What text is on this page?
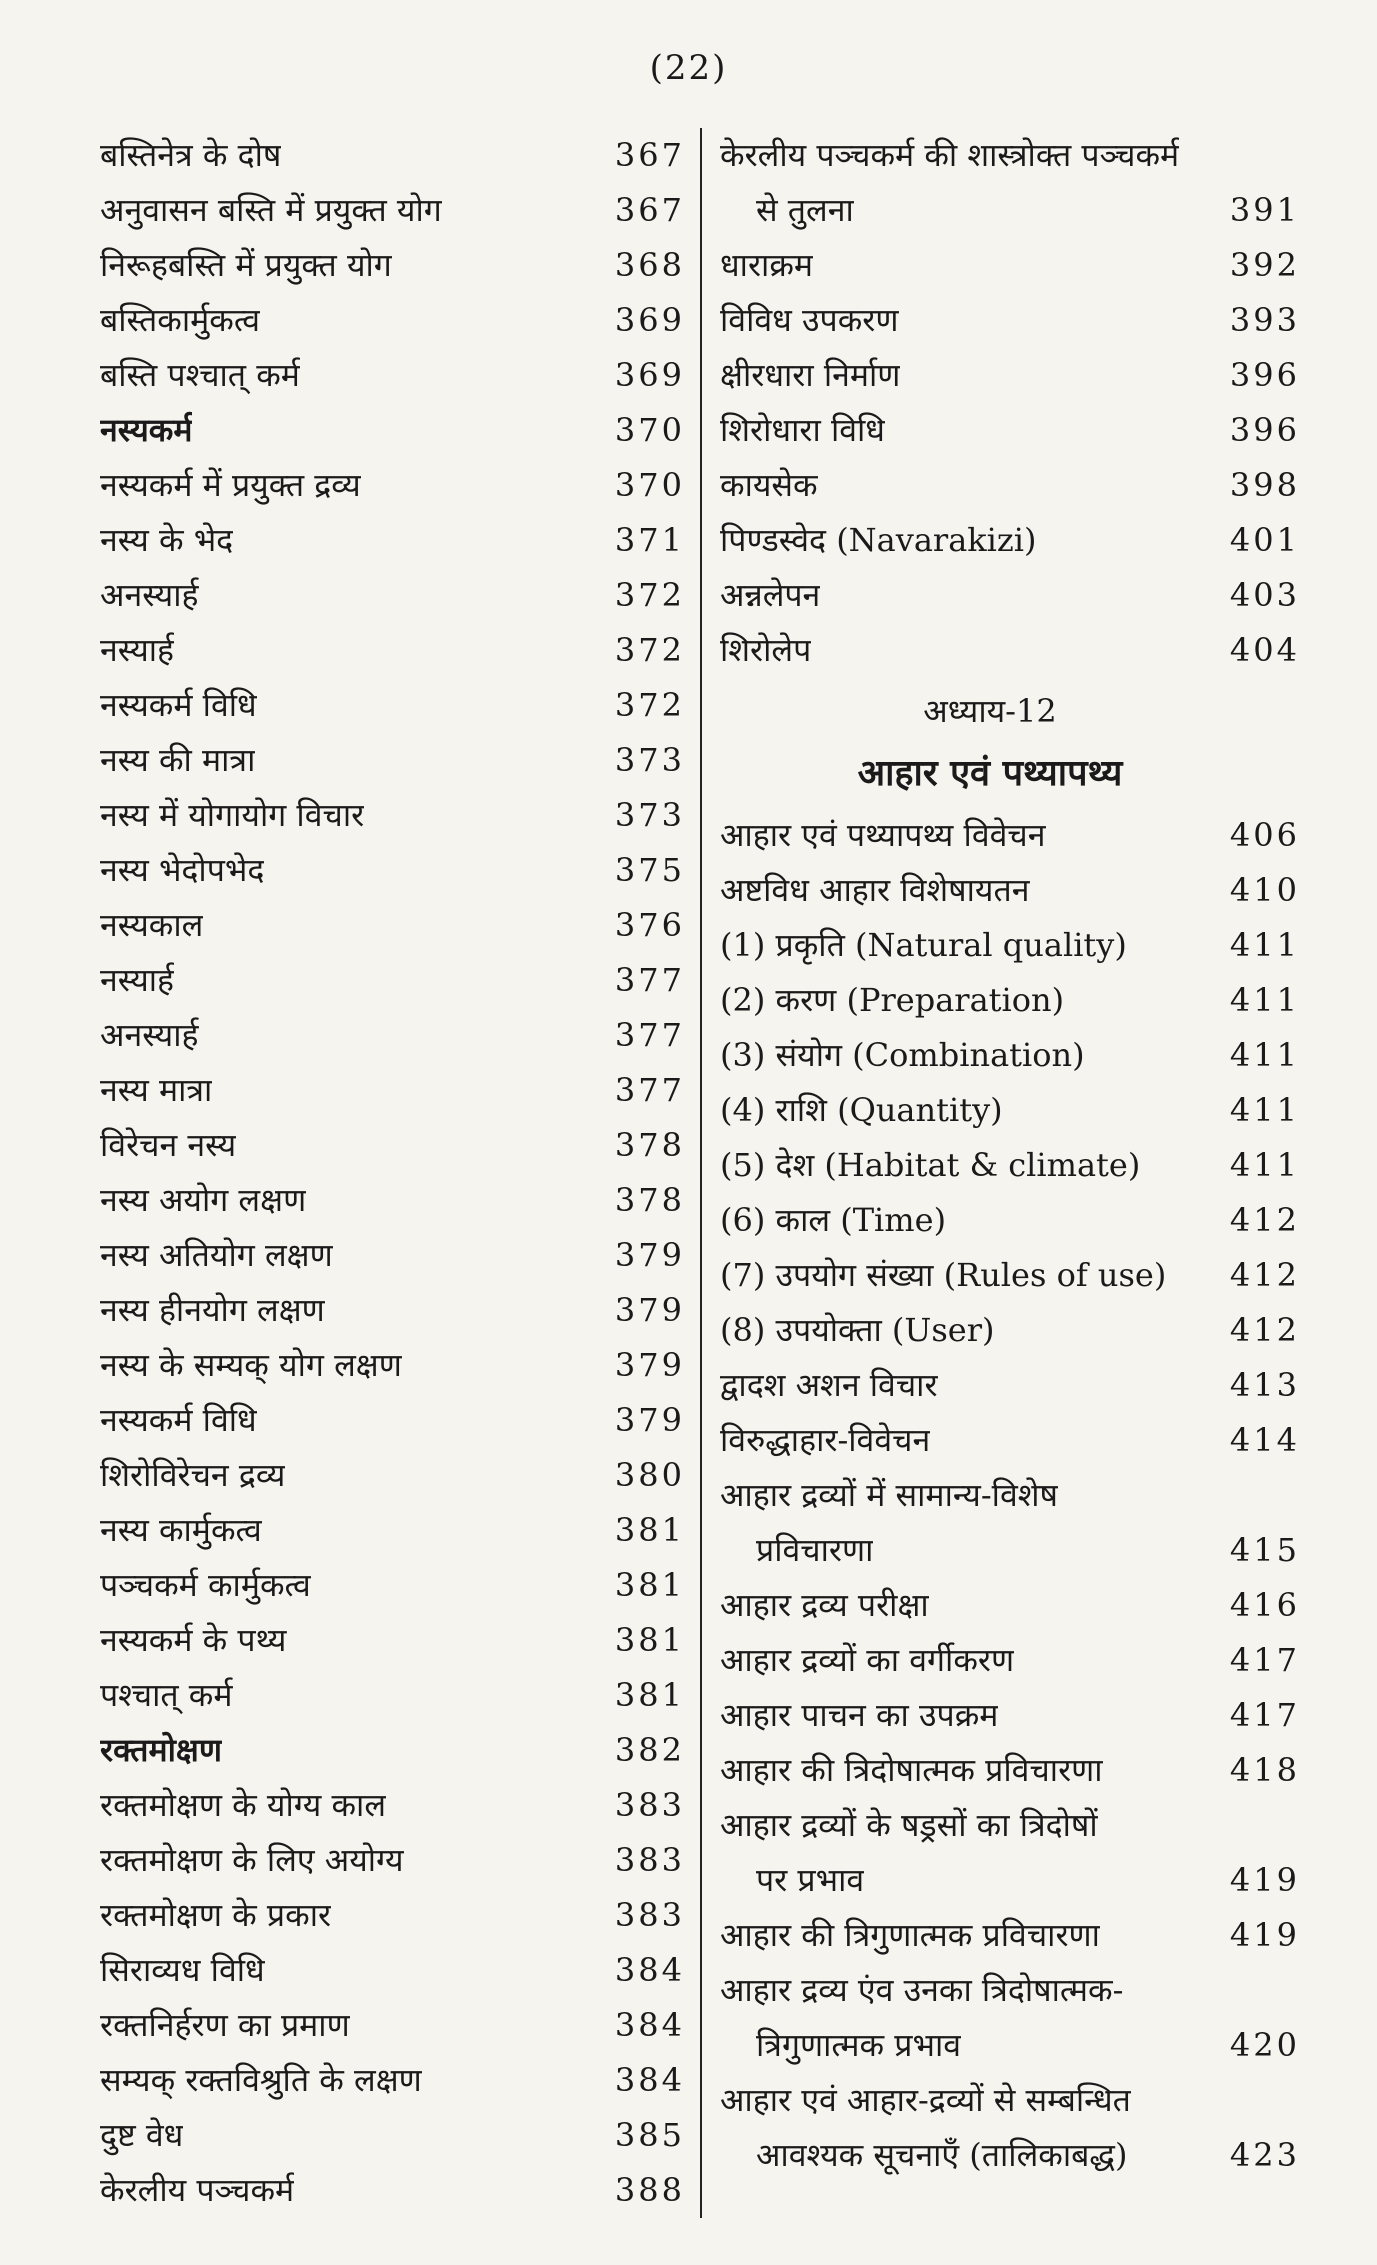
(22)
बस्तिनेत्र के दोष	367
अनुवासन बस्ति में प्रयुक्त योग	367
निरूहबस्ति में प्रयुक्त योग	368
बस्तिकार्मुकत्व	369
बस्ति पश्चात् कर्म	369
नस्यकर्म	370
नस्यकर्म में प्रयुक्त द्रव्य	370
नस्य के भेद	371
अनस्यार्ह	372
नस्यार्ह	372
नस्यकर्म विधि	372
नस्य की मात्रा	373
नस्य में योगायोग विचार	373
नस्य भेदोपभेद	375
नस्यकाल	376
नस्यार्ह	377
अनस्यार्ह	377
नस्य मात्रा	377
विरेचन नस्य	378
नस्य अयोग लक्षण	378
नस्य अतियोग लक्षण	379
नस्य हीनयोग लक्षण	379
नस्य के सम्यक् योग लक्षण	379
नस्यकर्म विधि	379
शिरोविरेचन द्रव्य	380
नस्य कार्मुकत्व	381
पञ्चकर्म कार्मुकत्व	381
नस्यकर्म के पथ्य	381
पश्चात् कर्म	381
रक्तमोक्षण	382
रक्तमोक्षण के योग्य काल	383
रक्तमोक्षण के लिए अयोग्य	383
रक्तमोक्षण के प्रकार	383
सिराव्यध विधि	384
रक्तनिर्हरण का प्रमाण	384
सम्यक् रक्तविश्रुति के लक्षण	384
दुष्ट वेध	385
केरलीय पञ्चकर्म	388
केरलीय पञ्चकर्म की शास्त्रोक्त पञ्चकर्म
से तुलना	391
धाराक्रम	392
विविध उपकरण	393
क्षीरधारा निर्माण	396
शिरोधारा विधि	396
कायसेक	398
पिण्डस्वेद (Navarakizi)	401
अन्नलेपन	403
शिरोलेप	404
अध्याय-12
आहार एवं पथ्यापथ्य
आहार एवं पथ्यापथ्य विवेचन	406
अष्टविध आहार विशेषायतन	410
(1) प्रकृति (Natural quality)	411
(2) करण (Preparation)	411
(3) संयोग (Combination)	411
(4) राशि (Quantity)	411
(5) देश (Habitat & climate)	411
(6) काल (Time)	412
(7) उपयोग संख्या (Rules of use)	412
(8) उपयोक्ता (User)	412
द्वादश अशन विचार	413
विरुद्धाहार-विवेचन	414
आहार द्रव्यों में सामान्य-विशेष
प्रविचारणा	415
आहार द्रव्य परीक्षा	416
आहार द्रव्यों का वर्गीकरण	417
आहार पाचन का उपक्रम	417
आहार की त्रिदोषात्मक प्रविचारणा	418
आहार द्रव्यों के षड्रसों का त्रिदोषों
पर प्रभाव	419
आहार की त्रिगुणात्मक प्रविचारणा	419
आहार द्रव्य एंव उनका त्रिदोषात्मक-
त्रिगुणात्मक प्रभाव	420
आहार एवं आहार-द्रव्यों से सम्बन्धित
आवश्यक सूचनाएँ (तालिकाबद्ध)	423
